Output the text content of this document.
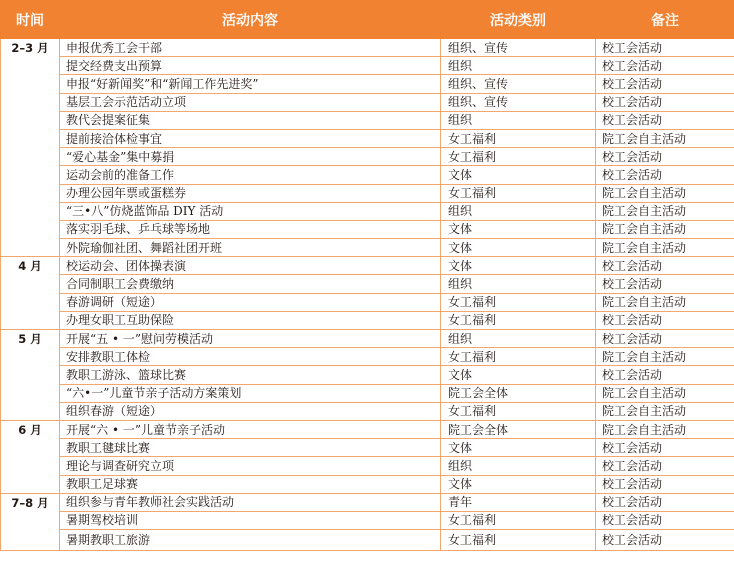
时间	活动内容	活动类别	备注
2–3 月	申报优秀工会干部	组织、宣传	校工会活动
	提交经费支出预算	组织	校工会活动
	申报“好新闻奖”和“新闻工作先进奖”	组织、宣传	校工会活动
	基层工会示范活动立项	组织、宣传	校工会活动
	教代会提案征集	组织	校工会活动
	提前接洽体检事宜	女工福利	院工会自主活动
	“爱心基金”集中募捐	女工福利	校工会活动
	运动会前的准备工作	文体	校工会活动
	办理公园年票或蛋糕券	女工福利	院工会自主活动
	“三•八”仿烧蓝饰品 DIY 活动	组织	院工会自主活动
	落实羽毛球、乒乓球等场地	文体	院工会自主活动
	外院瑜伽社团、舞蹈社团开班	文体	院工会自主活动
4 月	校运动会、团体操表演	文体	校工会活动
	合同制职工会费缴纳	组织	校工会活动
	春游调研（短途）	女工福利	院工会自主活动
	办理女职工互助保险	女工福利	校工会活动
5 月	开展“五 • 一”慰问劳模活动	组织	校工会活动
	安排教职工体检	女工福利	院工会自主活动
	教职工游泳、篮球比赛	文体	校工会活动
	“六•一”儿童节亲子活动方案策划	院工会全体	院工会自主活动
	组织春游（短途）	女工福利	院工会自主活动
6 月	开展“六 • 一”儿童节亲子活动	院工会全体	院工会自主活动
	教职工毽球比赛	文体	校工会活动
	理论与调查研究立项	组织	校工会活动
	教职工足球赛	文体	校工会活动
7–8 月	组织参与青年教师社会实践活动	青年	校工会活动
	暑期驾校培训	女工福利	校工会活动
	暑期教职工旅游	女工福利	校工会活动
